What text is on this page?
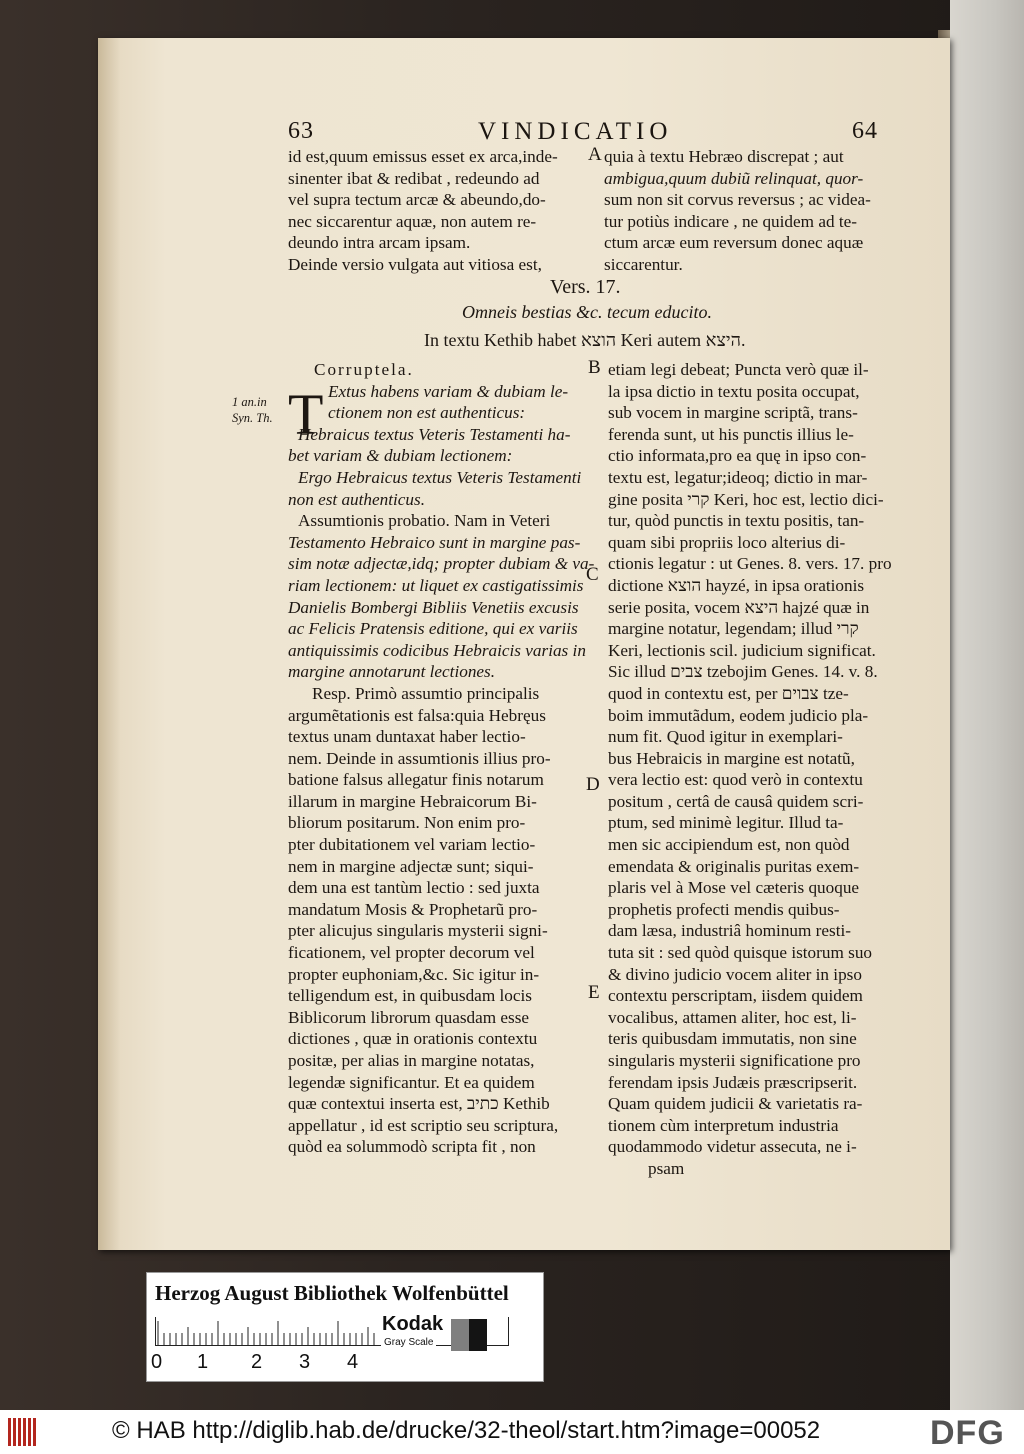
63	VINDICATIO	64
id est,quum emissus esset ex arca,inde-
sinenter ibat & redibat , redeundo ad
vel supra tectum arcæ & abeundo,do-
nec siccarentur aquæ, non autem re-
deundo intra arcam ipsam.
Deinde versio vulgata aut vitiosa est,
A quia à textu Hebræo discrepat ; aut
ambigua,quum dubiũ relinquat, quor-
sum non sit corvus reversus ; ac videa-
tur potiùs indicare , ne quidem ad te-
ctum arcæ eum reversum donec aquæ
siccarentur.
Vers. 17.
Omneis bestias &c. tecum educito.
In textu Kethib habet הוצא Keri autem היצא.
1 an.in
Syn. Th. T
Corruptela.
Extus habens variam & dubiam le-
ctionem non est authenticus:
Hebraicus textus Veteris Testamenti ha-
bet variam & dubiam lectionem:
Ergo Hebraicus textus Veteris Testamenti
non est authenticus.
Assumtionis probatio. Nam in Veteri
Testamento Hebraico sunt in margine pas-
sim notæ adjectæ,idq; propter dubiam & va-
riam lectionem: ut liquet ex castigatissimis
Danielis Bombergi Bibliis Venetiis excusis
ac Felicis Pratensis editione, qui ex variis
antiquissimis codicibus Hebraicis varias in
margine annotarunt lectiones.
Resp. Primò assumtio principalis
argumẽtationis est falsa:quia Hebręus
textus unam duntaxat haber lectio-
nem. Deinde in assumtionis illius pro-
batione falsus allegatur finis notarum
illarum in margine Hebraicorum Bi-
bliorum positarum. Non enim pro-
pter dubitationem vel variam lectio-
nem in margine adjectæ sunt; siqui-
dem una est tantùm lectio : sed juxta
mandatum Mosis & Prophetarũ pro-
pter alicujus singularis mysterii signi-
ficationem, vel propter decorum vel
propter euphoniam,&c. Sic igitur in-
telligendum est, in quibusdam locis
Biblicorum librorum quasdam esse
dictiones , quæ in orationis contextu
positæ, per alias in margine notatas,
legendæ significantur. Et ea quidem
quæ contextui inserta est, כתיב Kethib
appellatur , id est scriptio seu scriptura,
quòd ea solummodò scripta fit , non
B
C
D
E
etiam legi debeat; Puncta verò quæ il-
la ipsa dictio in textu posita occupat,
sub vocem in margine scriptã, trans-
ferenda sunt, ut his punctis illius le-
ctio informata,pro ea quę in ipso con-
textu est, legatur;ideoq; dictio in mar-
gine posita קרי Keri, hoc est, lectio dici-
tur, quòd punctis in textu positis, tan-
quam sibi propriis loco alterius di-
ctionis legatur : ut Genes. 8. vers. 17. pro
dictione הוצא hayzé, in ipsa orationis
serie posita, vocem היצא hajzé quæ in
margine notatur, legendam; illud קרי
Keri, lectionis scil. judicium significat.
Sic illud צבים tzebojim Genes. 14. v. 8.
quod in contextu est, per צבוים tze-
boim immutãdum, eodem judicio pla-
num fit. Quod igitur in exemplari-
bus Hebraicis in margine est notatũ,
vera lectio est: quod verò in contextu
positum , certâ de causâ quidem scri-
ptum, sed minimè legitur. Illud ta-
men sic accipiendum est, non quòd
emendata & originalis puritas exem-
plaris vel à Mose vel cæteris quoque
prophetis profecti mendis quibus-
dam læsa, industriâ hominum resti-
tuta sit : sed quòd quisque istorum suo
& divino judicio vocem aliter in ipso
contextu perscriptam, iisdem quidem
vocalibus, attamen aliter, hoc est, li-
teris quibusdam immutatis, non sine
singularis mysterii significatione pro
ferendam ipsis Judæis præscripserit.
Quam quidem judicii & varietatis ra-
tionem cùm interpretum industria
quodammodo videtur assecuta, ne i-
psam
Herzog August Bibliothek Wolfenbüttel
Kodak
Gray Scale
0 1 2 3 4
© HAB http://diglib.hab.de/drucke/32-theol/start.htm?image=00052	DFG
